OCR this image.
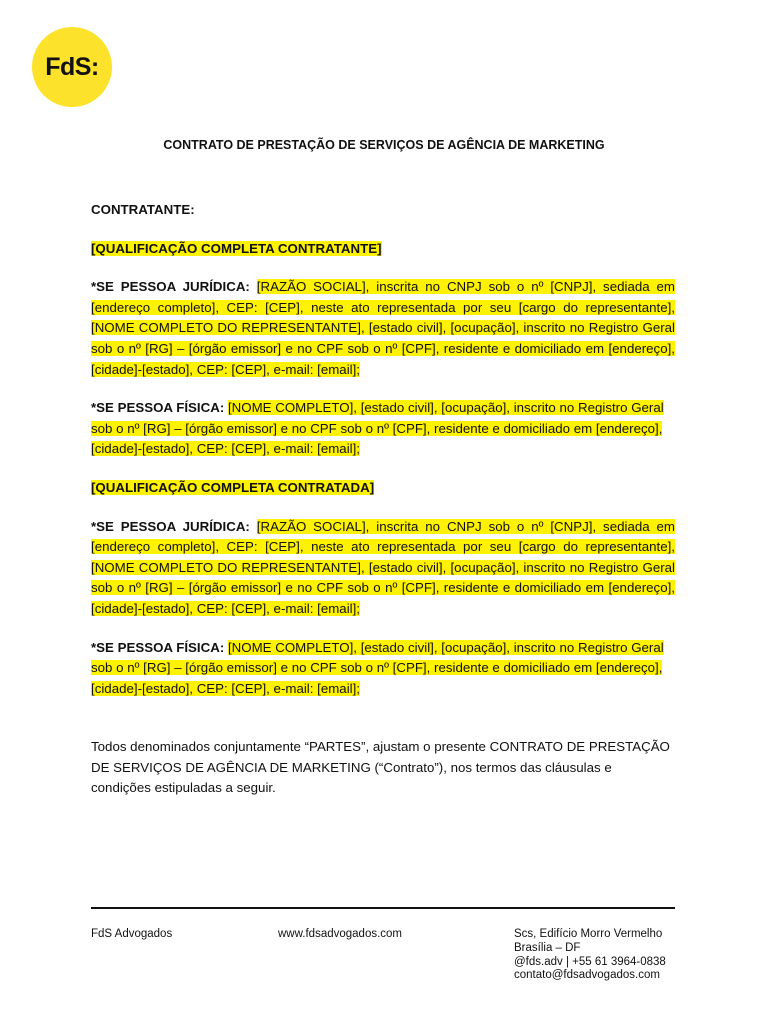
FdS:
CONTRATO DE PRESTAÇÃO DE SERVIÇOS DE AGÊNCIA DE MARKETING

CONTRATANTE:

[QUALIFICAÇÃO COMPLETA CONTRATANTE]

*SE PESSOA JURÍDICA: [RAZÃO SOCIAL], inscrita no CNPJ sob o nº [CNPJ], sediada em [endereço completo], CEP: [CEP], neste ato representada por seu [cargo do representante], [NOME COMPLETO DO REPRESENTANTE], [estado civil], [ocupação], inscrito no Registro Geral sob o nº [RG] – [órgão emissor] e no CPF sob o nº [CPF], residente e domiciliado em [endereço], [cidade]-[estado], CEP: [CEP], e-mail: [email];

*SE PESSOA FÍSICA: [NOME COMPLETO], [estado civil], [ocupação], inscrito no Registro Geral sob o nº [RG] – [órgão emissor] e no CPF sob o nº [CPF], residente e domiciliado em [endereço], [cidade]-[estado], CEP: [CEP], e-mail: [email];

[QUALIFICAÇÃO COMPLETA CONTRATADA]

*SE PESSOA JURÍDICA: [RAZÃO SOCIAL], inscrita no CNPJ sob o nº [CNPJ], sediada em [endereço completo], CEP: [CEP], neste ato representada por seu [cargo do representante], [NOME COMPLETO DO REPRESENTANTE], [estado civil], [ocupação], inscrito no Registro Geral sob o nº [RG] – [órgão emissor] e no CPF sob o nº [CPF], residente e domiciliado em [endereço], [cidade]-[estado], CEP: [CEP], e-mail: [email];

*SE PESSOA FÍSICA: [NOME COMPLETO], [estado civil], [ocupação], inscrito no Registro Geral sob o nº [RG] – [órgão emissor] e no CPF sob o nº [CPF], residente e domiciliado em [endereço], [cidade]-[estado], CEP: [CEP], e-mail: [email];

Todos denominados conjuntamente “PARTES”, ajustam o presente CONTRATO DE PRESTAÇÃO DE SERVIÇOS DE AGÊNCIA DE MARKETING (“Contrato”), nos termos das cláusulas e condições estipuladas a seguir.

FdS Advogados	www.fdsadvogados.com	Scs, Edifício Morro Vermelho
Brasília – DF
@fds.adv | +55 61 3964-0838
contato@fdsadvogados.com
